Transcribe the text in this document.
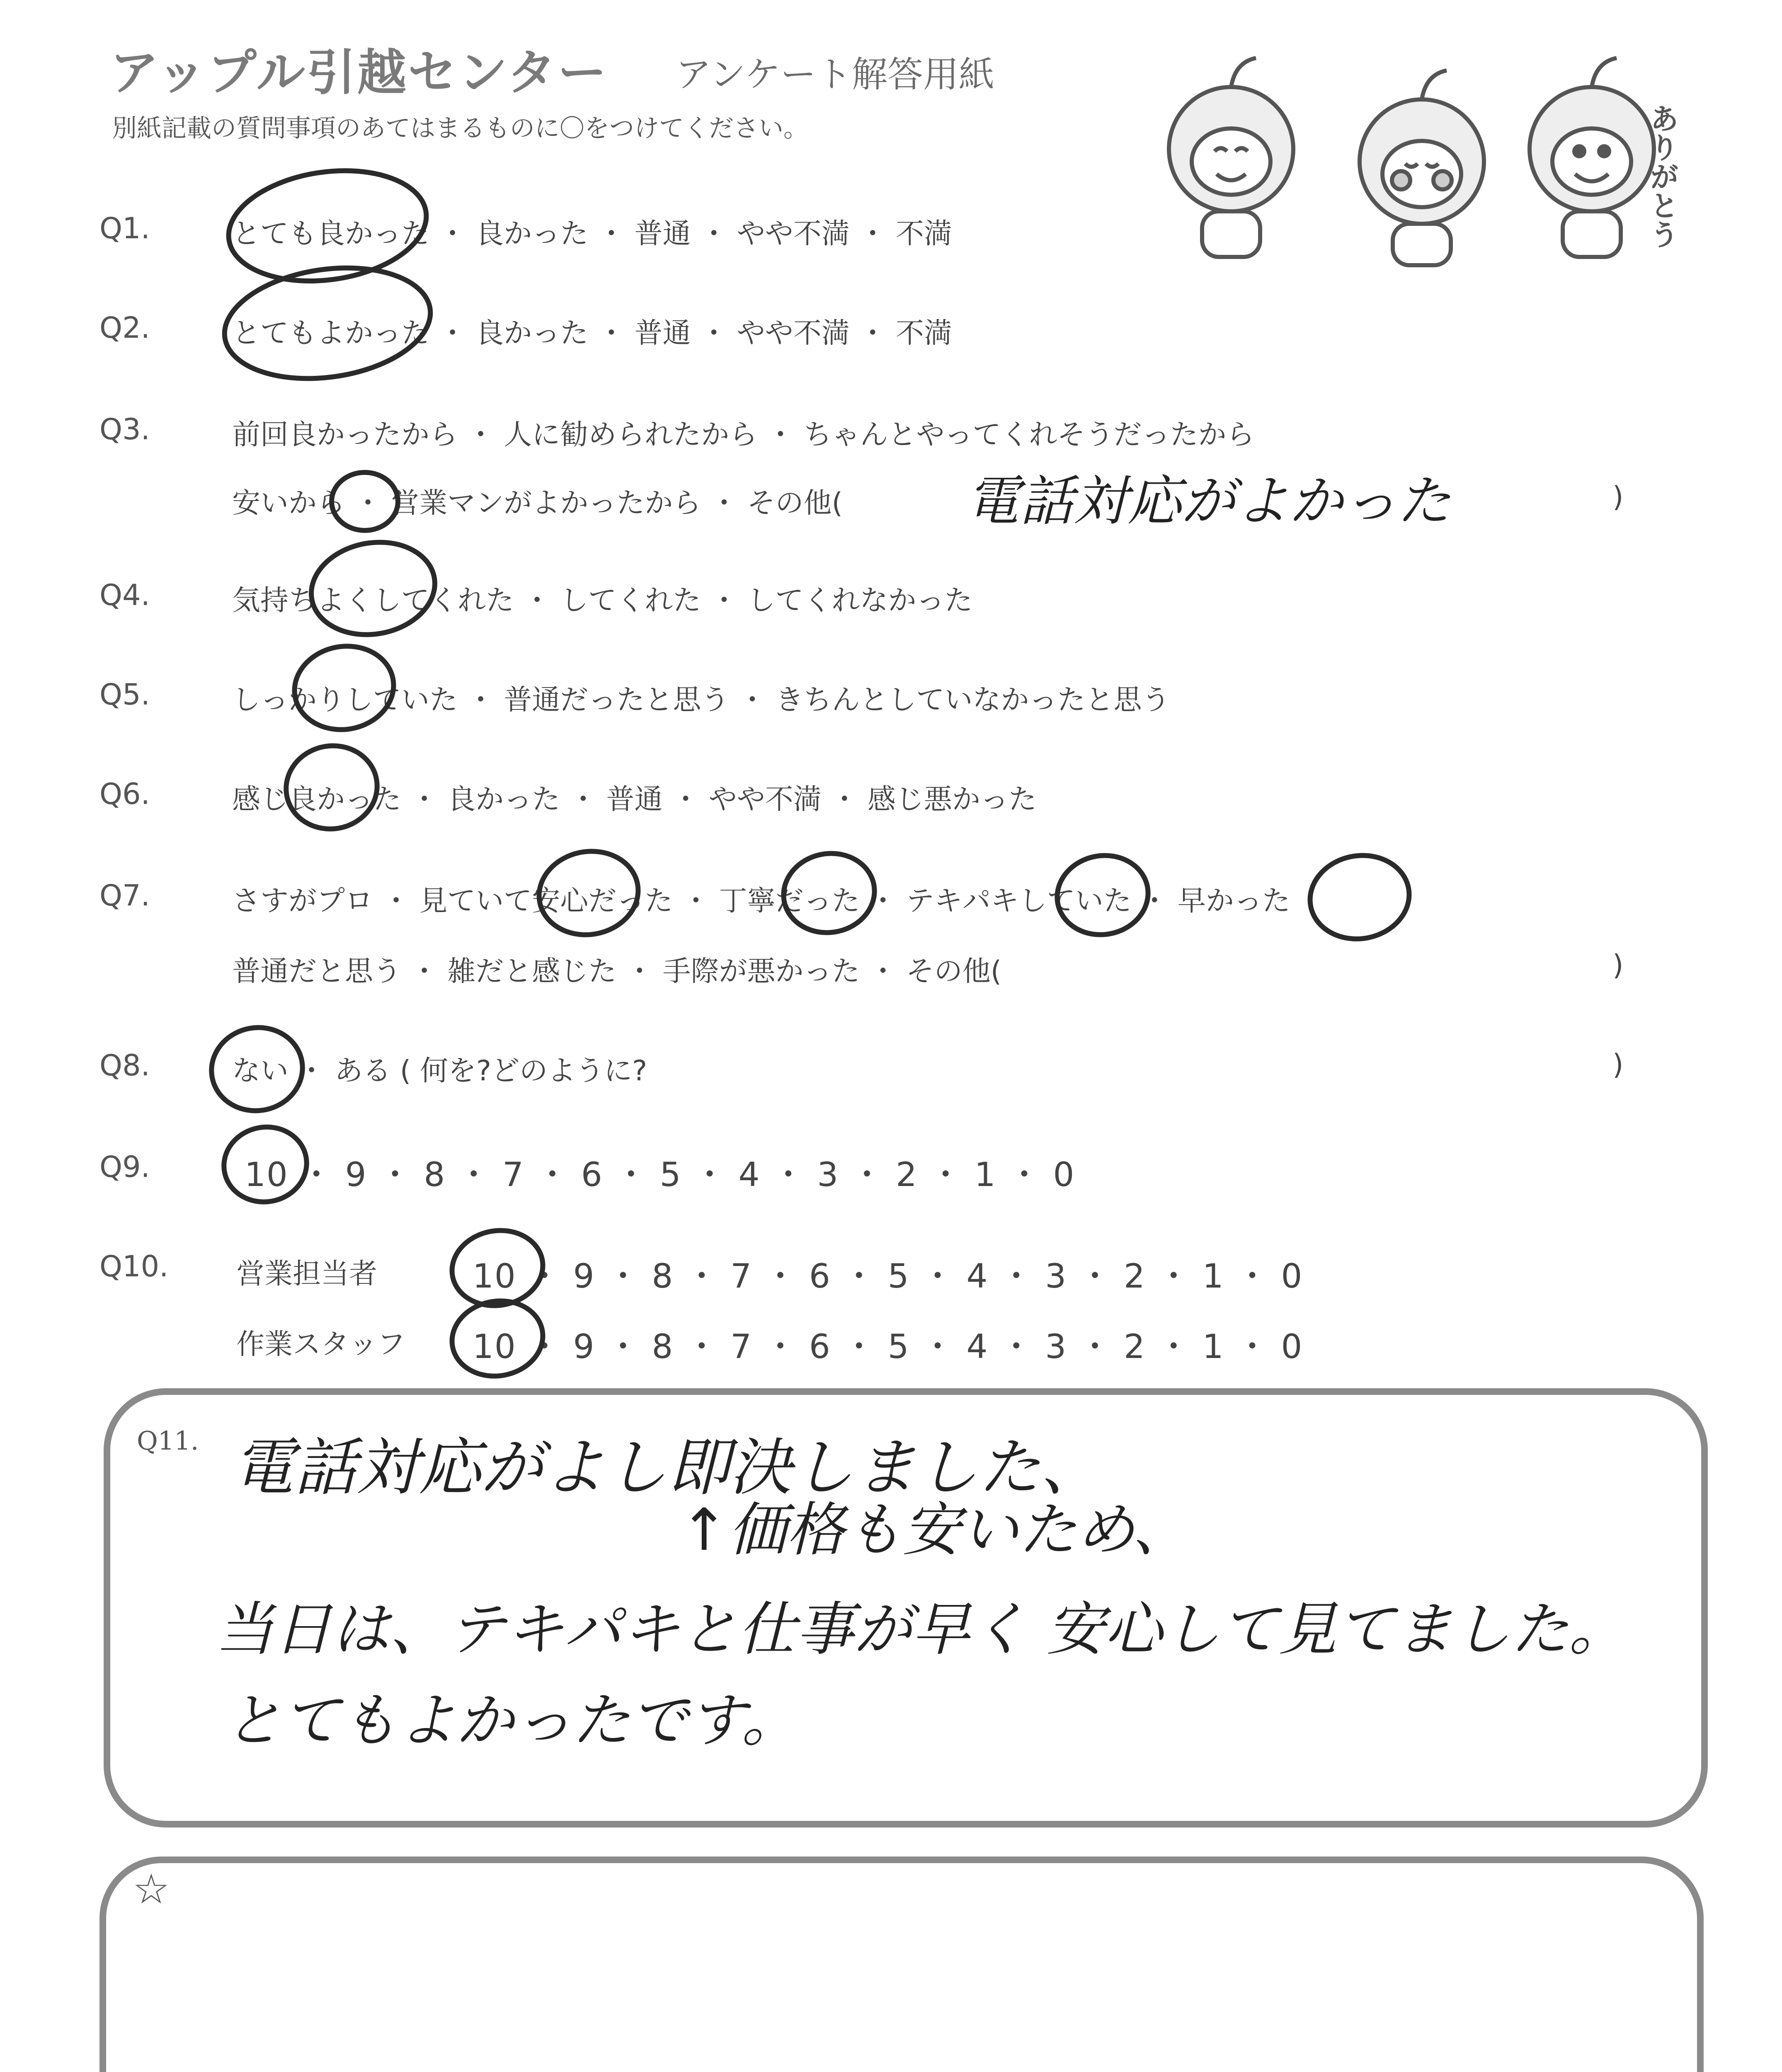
アップル引越センター アンケート解答用紙
別紙記載の質問事項のあてはまるものに〇をつけてください。	ありがとう
Q1.	とても良かった ・ 良かった ・ 普通 ・ やや不満 ・ 不満
Q2.	とてもよかった ・ 良かった ・ 普通 ・ やや不満 ・ 不満
Q3.	前回良かったから ・ 人に勧められたから ・ ちゃんとやってくれそうだったから
安いから ・ 営業マンがよかったから ・ その他( 電話対応がよかった	)
Q4.	気持ちよくしてくれた ・ してくれた ・ してくれなかった
Q5.	しっかりしていた ・ 普通だったと思う ・ きちんとしていなかったと思う
Q6.	感じ良かった ・ 良かった ・ 普通 ・ やや不満 ・ 感じ悪かった
Q7.	さすがプロ ・ 見ていて安心だった ・ 丁寧だった ・ テキパキしていた ・ 早かった
普通だと思う ・ 雑だと感じた ・ 手際が悪かった ・ その他(	)
Q8.	ない ・ ある ( 何を?どのように?	)
Q9.	10 ・ 9 ・ 8 ・ 7 ・ 6 ・ 5 ・ 4 ・ 3 ・ 2 ・ 1 ・ 0
Q10. 営業担当者	10 ・ 9 ・ 8 ・ 7 ・ 6 ・ 5 ・ 4 ・ 3 ・ 2 ・ 1 ・ 0
作業スタッフ 10 ・ 9 ・ 8 ・ 7 ・ 6 ・ 5 ・ 4 ・ 3 ・ 2 ・ 1 ・ 0
Q11. 電話対応がよし即決しました、
↑価格も安いため、
当日は、テキパキと仕事が早く 安心して見てました。
とてもよかったです。
☆
